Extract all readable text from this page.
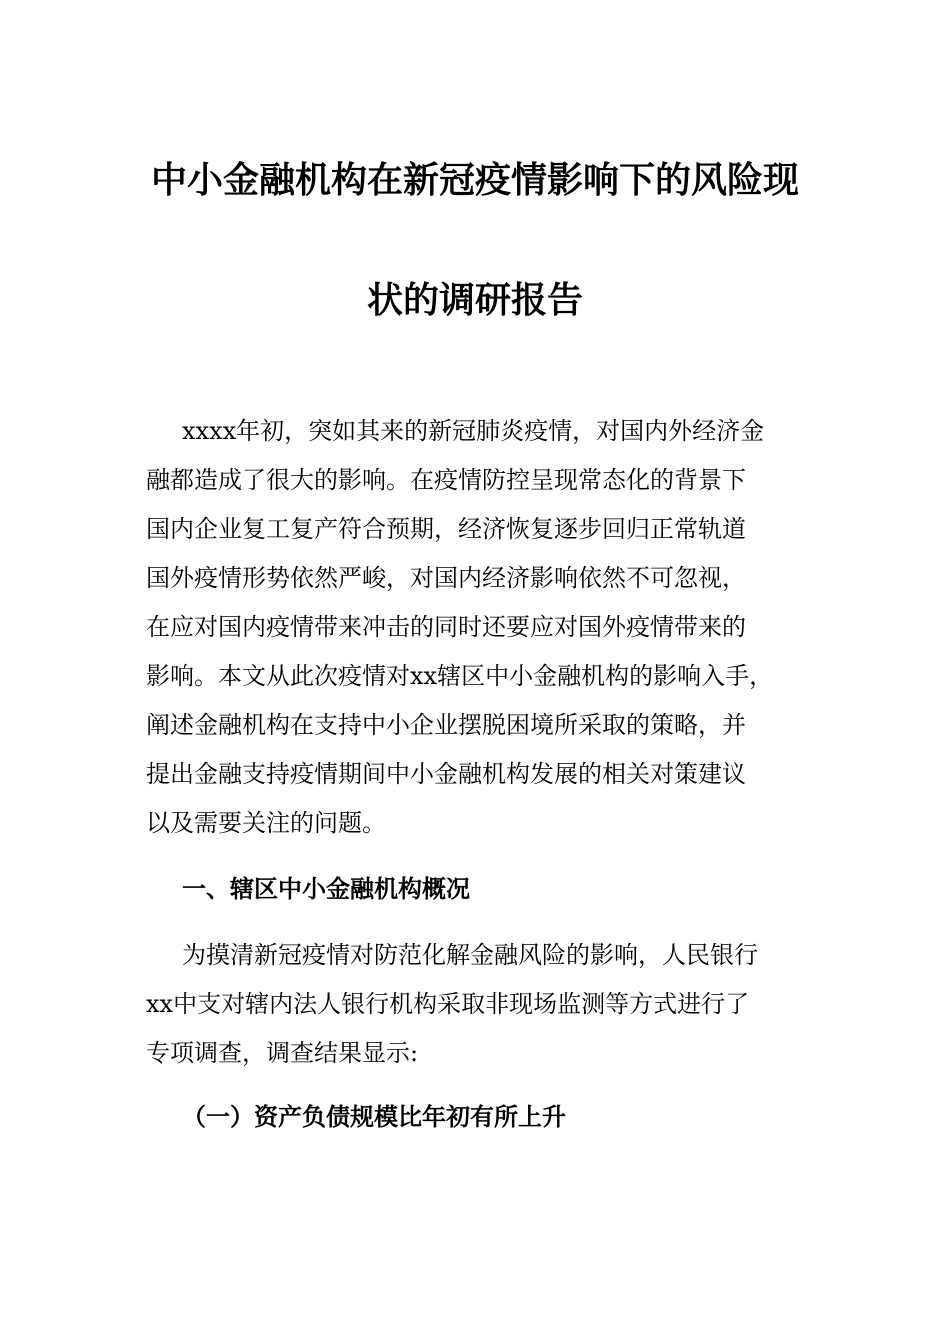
中小金融机构在新冠疫情影响下的风险现
状的调研报告
xxxx年初，突如其来的新冠肺炎疫情，对国内外经济金
融都造成了很大的影响。在疫情防控呈现常态化的背景下
国内企业复工复产符合预期，经济恢复逐步回归正常轨道
国外疫情形势依然严峻，对国内经济影响依然不可忽视，
在应对国内疫情带来冲击的同时还要应对国外疫情带来的
影响。本文从此次疫情对xx辖区中小金融机构的影响入手，
阐述金融机构在支持中小企业摆脱困境所采取的策略，并
提出金融支持疫情期间中小金融机构发展的相关对策建议
以及需要关注的问题。
一、辖区中小金融机构概况
为摸清新冠疫情对防范化解金融风险的影响，人民银行
xx中支对辖内法人银行机构采取非现场监测等方式进行了
专项调查，调查结果显示:
（一）资产负债规模比年初有所上升
